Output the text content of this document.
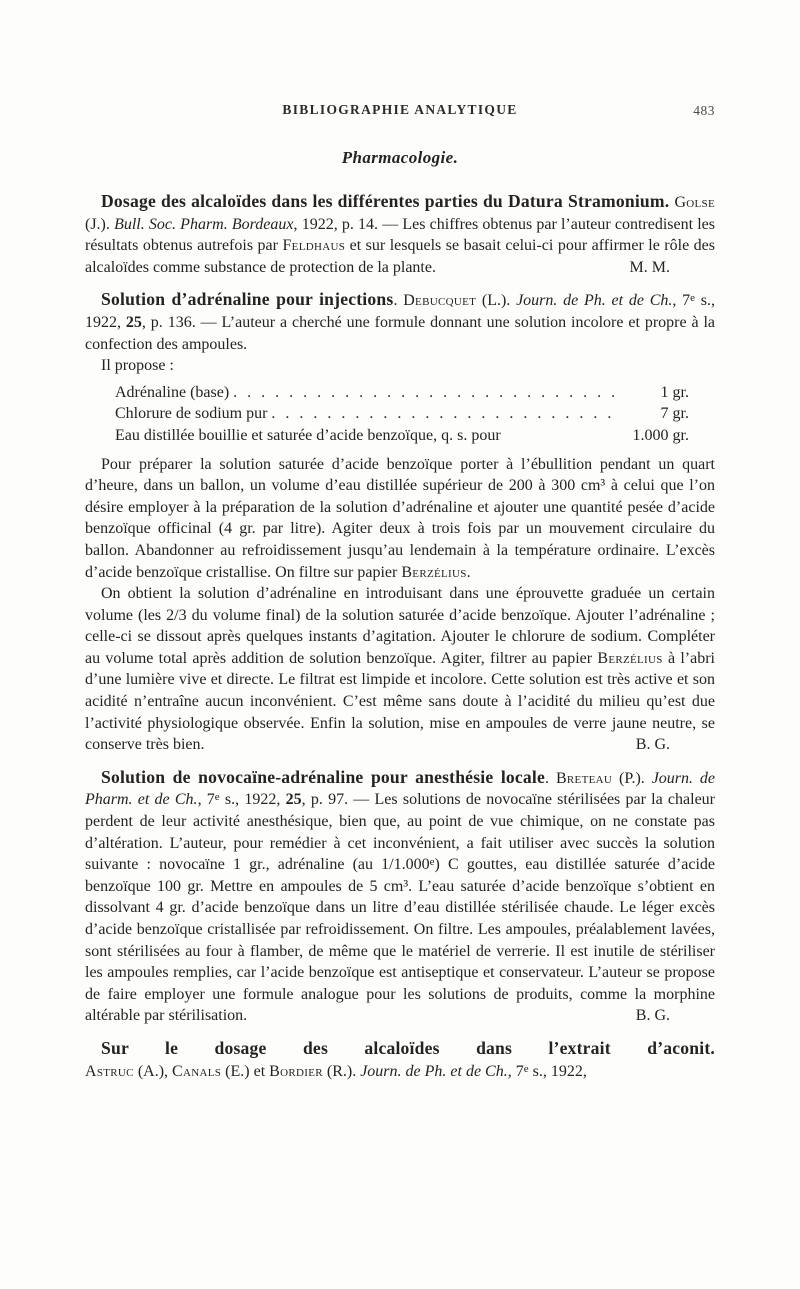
BIBLIOGRAPHIE ANALYTIQUE	483
Pharmacologie.

Dosage des alcaloïdes dans les différentes parties du Datura Stramonium. Golse (J.). Bull. Soc. Pharm. Bordeaux, 1922, p. 14. — Les chiffres obtenus par l’auteur contredisent les résultats obtenus autrefois par Feldhaus et sur lesquels se basait celui-ci pour affirmer le rôle des alcaloïdes comme substance de protection de la plante.	M. M.

Solution d’adrénaline pour injections. Debucquet (L.). Journ. de Ph. et de Ch., 7e s., 1922, 25, p. 136. — L’auteur a cherché une formule donnant une solution incolore et propre à la confection des ampoules.

Il propose :

Adrénaline (base) . . .	1 gr.
Chlorure de sodium pur . . .	7 gr.
Eau distillée bouillie et saturée d’acide benzoïque, q. s. pour	1.000 gr.

Pour préparer la solution saturée d’acide benzoïque porter à l’ébullition pendant un quart d’heure, dans un ballon, un volume d’eau distillée supérieur de 200 à 300 cm³ à celui que l’on désire employer à la préparation de la solution d’adrénaline et ajouter une quantité pesée d’acide benzoïque officinal (4 gr. par litre). Agiter deux à trois fois par un mouvement circulaire du ballon. Abandonner au refroidissement jusqu’au lendemain à la température ordinaire. L’excès d’acide benzoïque cristallise. On filtre sur papier Berzélius.

On obtient la solution d’adrénaline en introduisant dans une éprouvette graduée un certain volume (les 2/3 du volume final) de la solution saturée d’acide benzoïque. Ajouter l’adrénaline ; celle-ci se dissout après quelques instants d’agitation. Ajouter le chlorure de sodium. Compléter au volume total après addition de solution benzoïque. Agiter, filtrer au papier Berzélius à l’abri d’une lumière vive et directe. Le filtrat est limpide et incolore. Cette solution est très active et son acidité n’entraîne aucun inconvénient. C’est même sans doute à l’acidité du milieu qu’est due l’activité physiologique observée. Enfin la solution, mise en ampoules de verre jaune neutre, se conserve très bien.	B. G.

Solution de novocaïne-adrénaline pour anesthésie locale. Breteau (P.). Journ. de Pharm. et de Ch., 7e s., 1922, 25, p. 97. — Les solutions de novocaïne stérilisées par la chaleur perdent de leur activité anesthésique, bien que, au point de vue chimique, on ne constate pas d’altération. L’auteur, pour remédier à cet inconvénient, a fait utiliser avec succès la solution suivante : novocaïne 1 gr., adrénaline (au 1/1.000e) C gouttes, eau distillée saturée d’acide benzoïque 100 gr. Mettre en ampoules de 5 cm³. L’eau saturée d’acide benzoïque s’obtient en dissolvant 4 gr. d’acide benzoïque dans un litre d’eau distillée stérilisée chaude. Le léger excès d’acide benzoïque cristallisée par refroidissement. On filtre. Les ampoules, préalablement lavées, sont stérilisées au four à flamber, de même que le matériel de verrerie. Il est inutile de stériliser les ampoules remplies, car l’acide benzoïque est antiseptique et conservateur. L’auteur se propose de faire employer une formule analogue pour les solutions de produits, comme la morphine altérable par stérilisation.	B. G.

Sur le dosage des alcaloïdes dans l’extrait d’aconit.

Astruc (A.), Canals (E.) et Bordier (R.). Journ. de Ph. et de Ch., 7e s., 1922,
